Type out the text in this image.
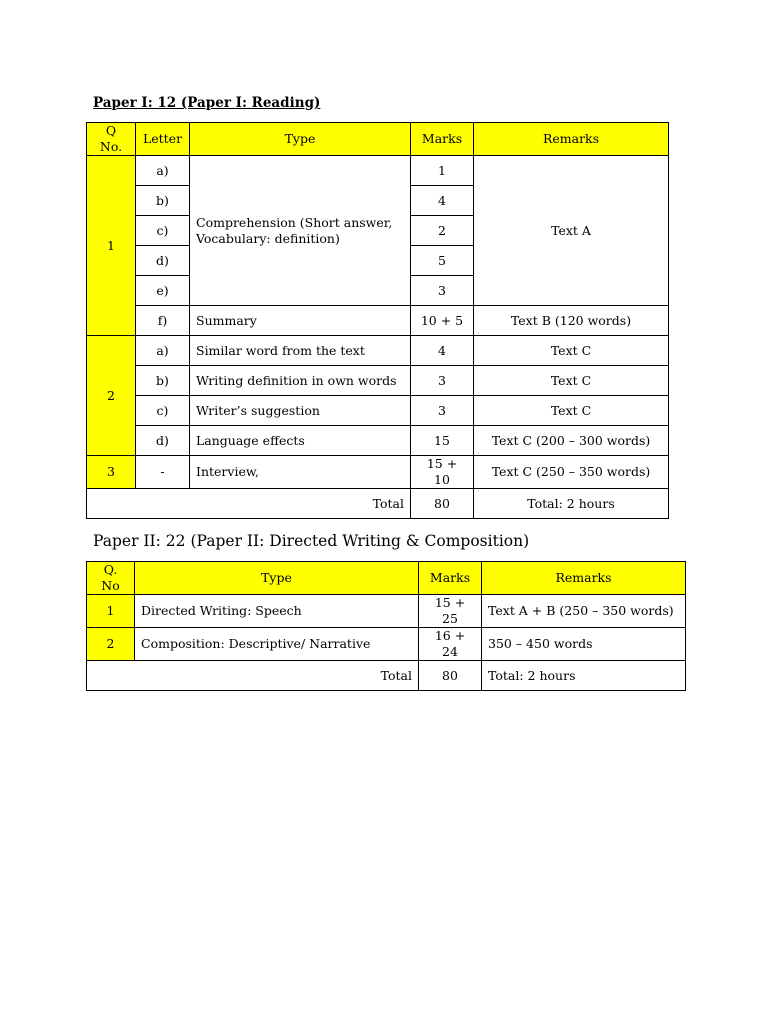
Paper I: 12 (Paper I: Reading)
Q No.	Letter	Type	Marks	Remarks
1	a)	Comprehension (Short answer, Vocabulary: definition)	1	Text A
	b)		4	
	c)		2	
	d)		5	
	e)		3	
	f)	Summary	10 + 5	Text B (120 words)
2	a)	Similar word from the text	4	Text C
	b)	Writing definition in own words	3	Text C
	c)	Writer’s suggestion	3	Text C
	d)	Language effects	15	Text C (200 – 300 words)
3	-	Interview,	15 + 10	Text C (250 – 350 words)
Total			80	Total: 2 hours
Paper II: 22 (Paper II: Directed Writing & Composition)
Q. No	Type	Marks	Remarks
1	Directed Writing: Speech	15 + 25	Text A + B (250 – 350 words)
2	Composition: Descriptive/ Narrative	16 + 24	350 – 450 words
Total		80	Total: 2 hours
